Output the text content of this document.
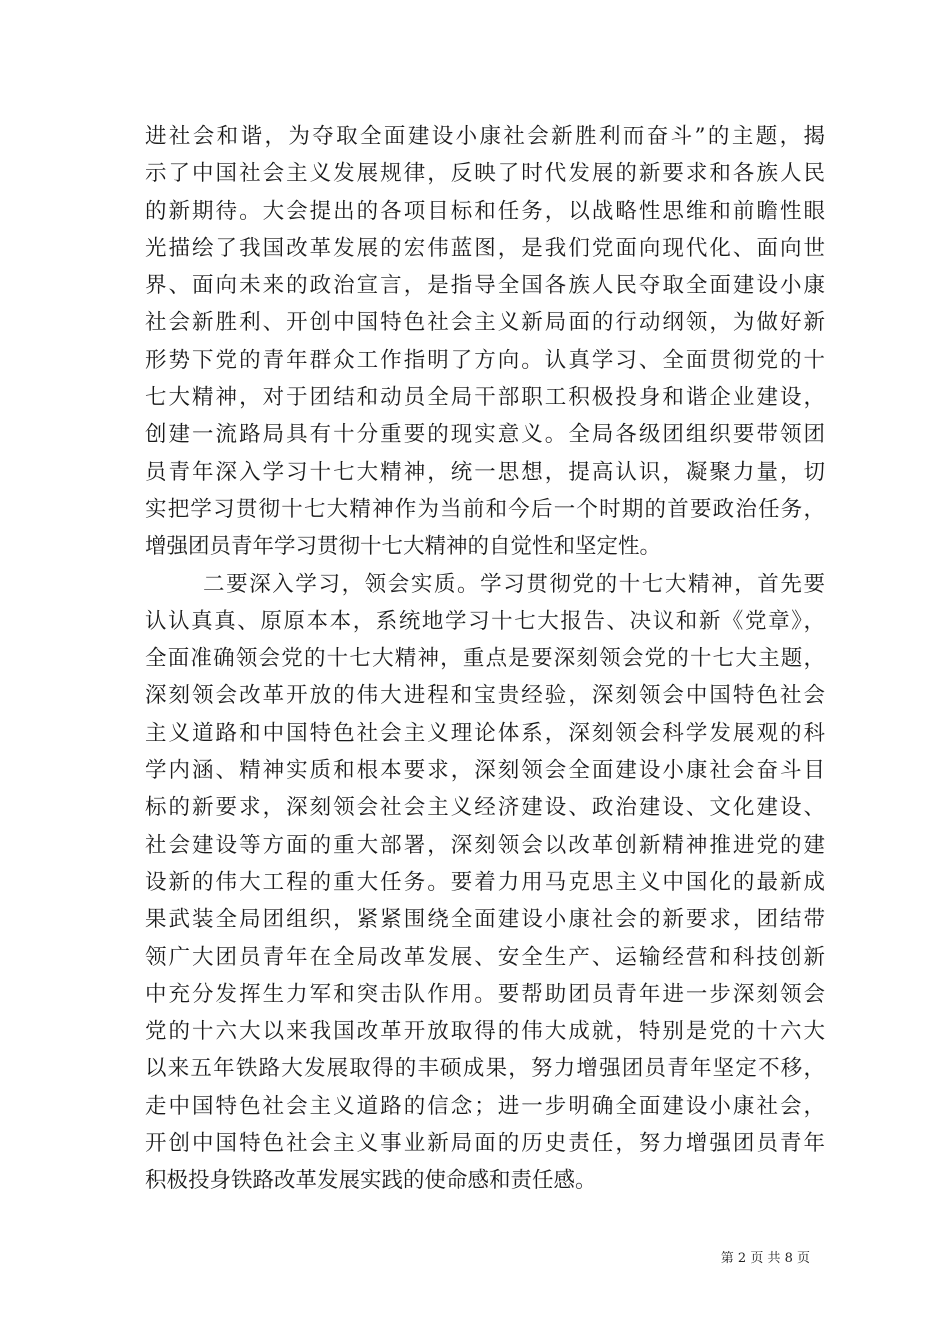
进社会和谐，为夺取全面建设小康社会新胜利而奋斗”的主题，揭
示了中国社会主义发展规律，反映了时代发展的新要求和各族人民
的新期待。大会提出的各项目标和任务，以战略性思维和前瞻性眼
光描绘了我国改革发展的宏伟蓝图，是我们党面向现代化、面向世
界、面向未来的政治宣言，是指导全国各族人民夺取全面建设小康
社会新胜利、开创中国特色社会主义新局面的行动纲领，为做好新
形势下党的青年群众工作指明了方向。认真学习、全面贯彻党的十
七大精神，对于团结和动员全局干部职工积极投身和谐企业建设，
创建一流路局具有十分重要的现实意义。全局各级团组织要带领团
员青年深入学习十七大精神，统一思想，提高认识，凝聚力量，切
实把学习贯彻十七大精神作为当前和今后一个时期的首要政治任务，
增强团员青年学习贯彻十七大精神的自觉性和坚定性。
二要深入学习，领会实质。学习贯彻党的十七大精神，首先要
认认真真、原原本本，系统地学习十七大报告、决议和新《党章》，
全面准确领会党的十七大精神，重点是要深刻领会党的十七大主题，
深刻领会改革开放的伟大进程和宝贵经验，深刻领会中国特色社会
主义道路和中国特色社会主义理论体系，深刻领会科学发展观的科
学内涵、精神实质和根本要求，深刻领会全面建设小康社会奋斗目
标的新要求，深刻领会社会主义经济建设、政治建设、文化建设、
社会建设等方面的重大部署，深刻领会以改革创新精神推进党的建
设新的伟大工程的重大任务。要着力用马克思主义中国化的最新成
果武装全局团组织，紧紧围绕全面建设小康社会的新要求，团结带
领广大团员青年在全局改革发展、安全生产、运输经营和科技创新
中充分发挥生力军和突击队作用。要帮助团员青年进一步深刻领会
党的十六大以来我国改革开放取得的伟大成就，特别是党的十六大
以来五年铁路大发展取得的丰硕成果，努力增强团员青年坚定不移，
走中国特色社会主义道路的信念；进一步明确全面建设小康社会，
开创中国特色社会主义事业新局面的历史责任，努力增强团员青年
积极投身铁路改革发展实践的使命感和责任感。
第 2 页 共 8 页
